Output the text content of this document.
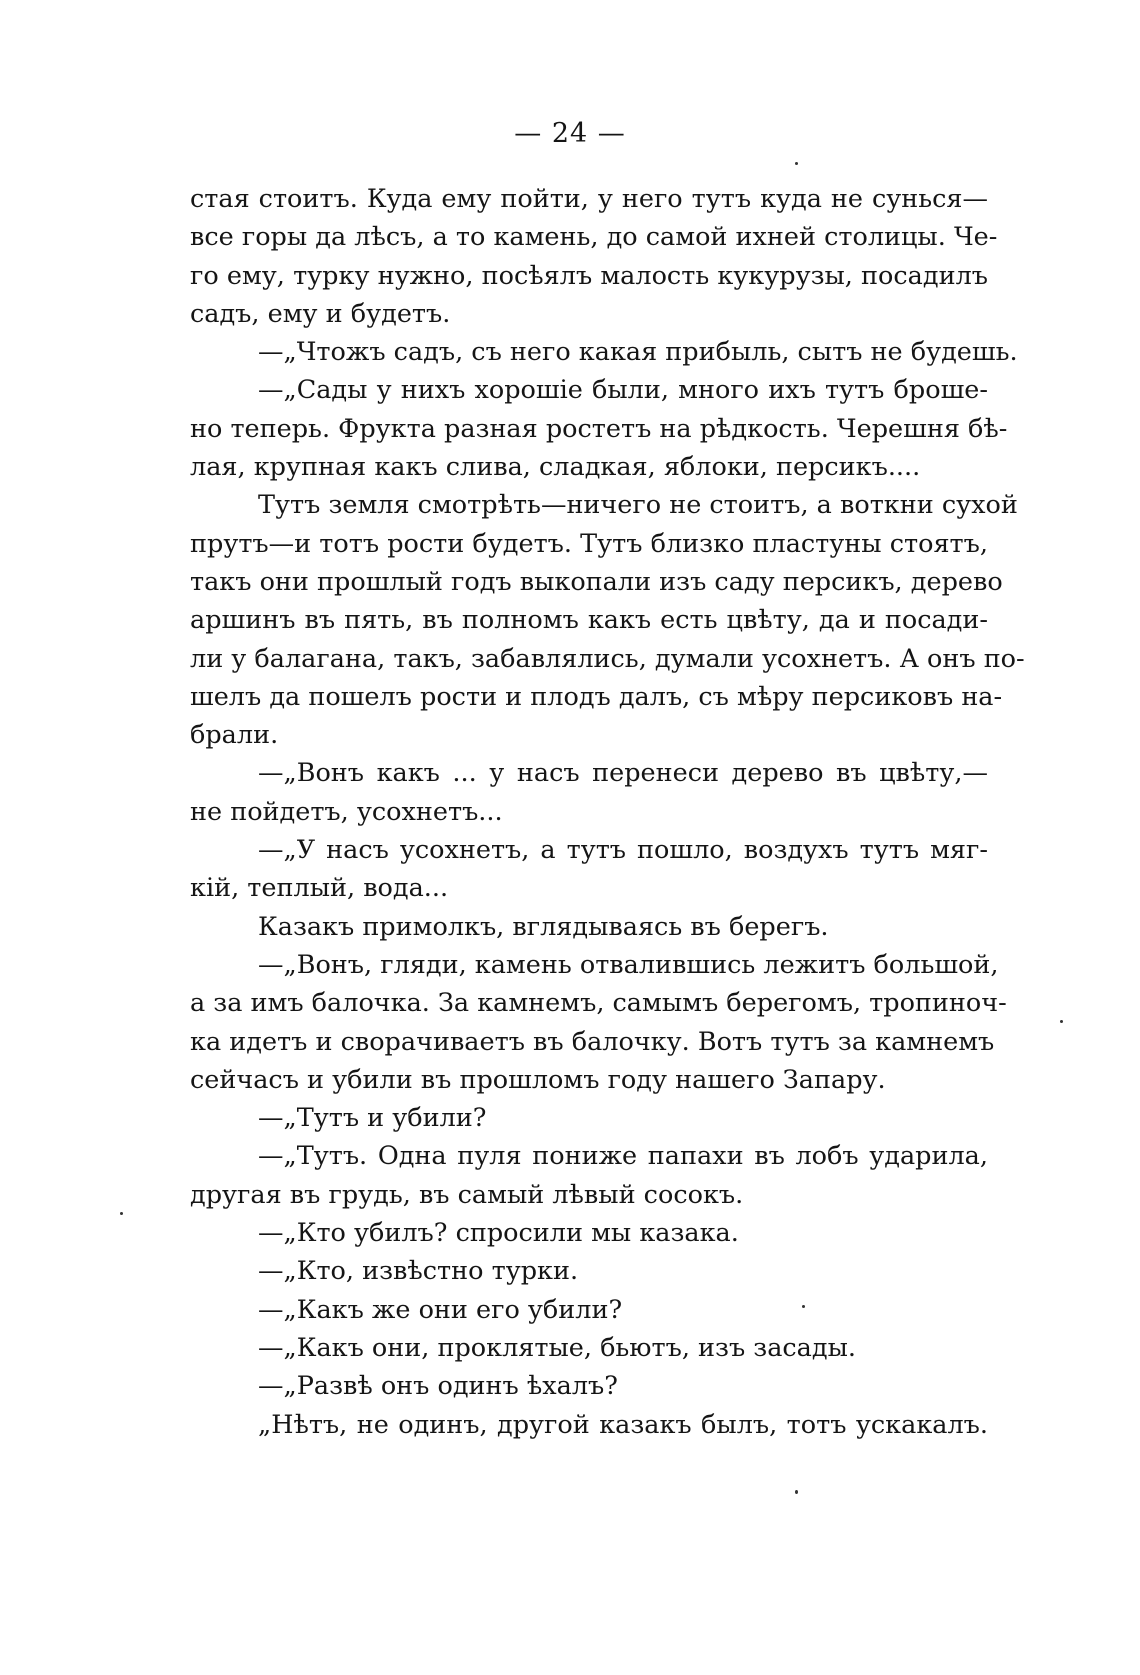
— 24 —
стая стоитъ. Куда ему пойти, у него тутъ куда не сунься—
все горы да лѣсъ, а то камень, до самой ихней столицы. Че-
го ему, турку нужно, посѣялъ малость кукурузы, посадилъ
садъ, ему и будетъ.
—„Чтожъ садъ, съ него какая прибыль, сытъ не будешь.
—„Сады у нихъ хорошіе были, много ихъ тутъ брошe-
но теперь. Фрукта разная ростетъ на рѣдкость. Черешня бѣ-
лая, крупная какъ слива, сладкая, яблоки, персикъ....
Тутъ земля смотрѣть—ничего не стоитъ, а воткни сухой
прутъ—и тотъ рости будетъ. Тутъ близко пластуны стоятъ,
такъ они прошлый годъ выкопали изъ саду персикъ, дерево
аршинъ въ пять, въ полномъ какъ есть цвѣту, да и посади-
ли у балагана, такъ, забавлялись, думали усохнетъ. А онъ по-
шелъ да пошелъ рости и плодъ далъ, съ мѣру персиковъ на-
брали.
—„Вонъ какъ ... у насъ перенеси дерево въ цвѣту,—
не пойдетъ, усохнетъ...
—„У насъ усохнетъ, а тутъ пошло, воздухъ тутъ мяг-
кій, теплый, вода...
Казакъ примолкъ, вглядываясь въ берегъ.
—„Вонъ, гляди, камень отвалившись лежитъ большой,
а за имъ балочка. За камнемъ, самымъ берегомъ, тропиноч-
ка идетъ и сворачиваетъ въ балочку. Вотъ тутъ за камнемъ
сейчасъ и убили въ прошломъ году нашего Запару.
—„Тутъ и убили?
—„Тутъ. Одна пуля пониже папахи въ лобъ ударила,
другая въ грудь, въ самый лѣвый сосокъ.
—„Кто убилъ? спросили мы казака.
—„Кто, извѣстно турки.
—„Какъ же они его убили?
—„Какъ они, проклятые, бьютъ, изъ засады.
—„Развѣ онъ одинъ ѣхалъ?
„Нѣтъ, не одинъ, другой казакъ былъ, тотъ ускакалъ.
